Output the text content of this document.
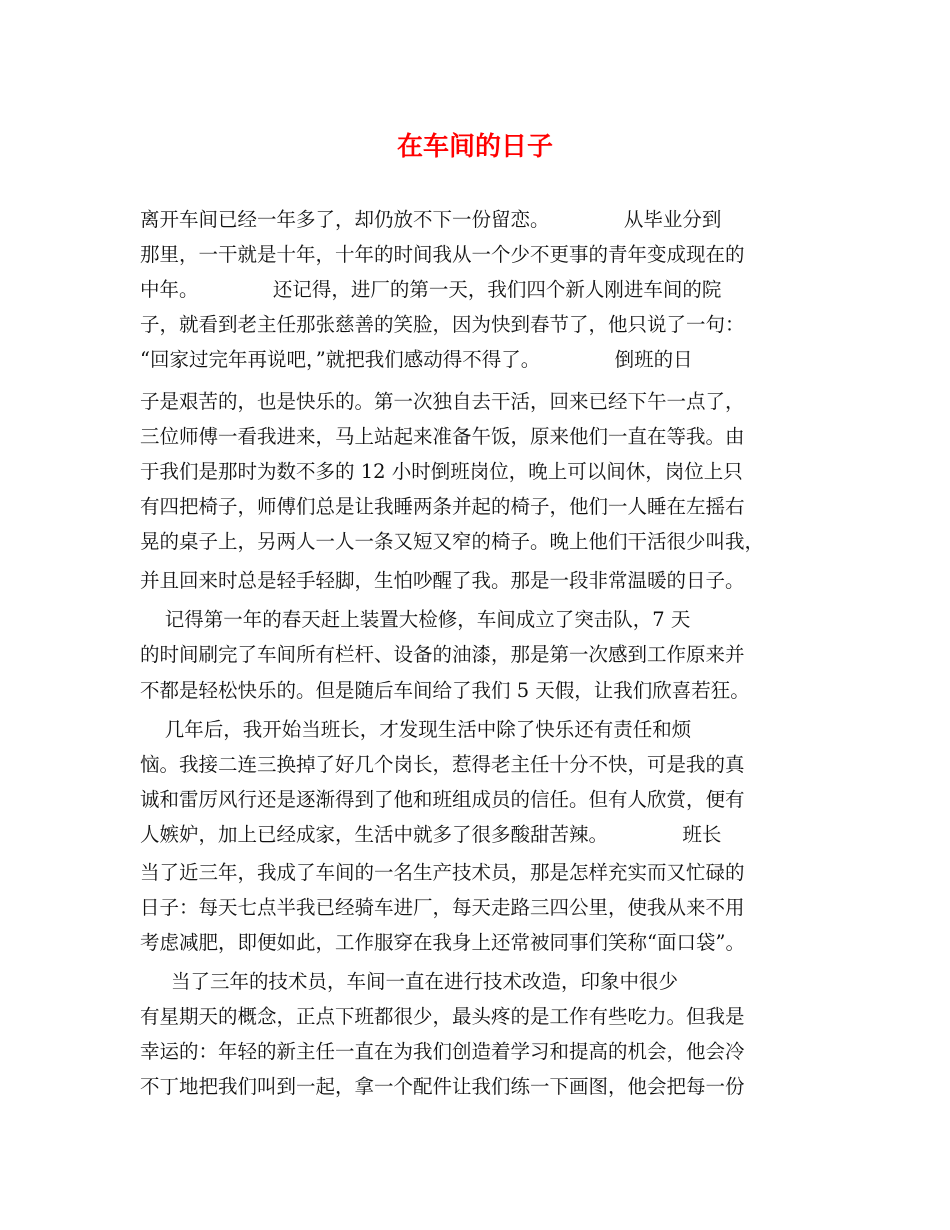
在车间的日子
离开车间已经一年多了，却仍放不下一份留恋。            从毕业分到
那里，一干就是十年，十年的时间我从一个少不更事的青年变成现在的
中年。            还记得，进厂的第一天，我们四个新人刚进车间的院
子，就看到老主任那张慈善的笑脸，因为快到春节了，他只说了一句：
“回家过完年再说吧，”就把我们感动得不得了。            倒班的日
子是艰苦的，也是快乐的。第一次独自去干活，回来已经下午一点了，
三位师傅一看我进来，马上站起来准备午饭，原来他们一直在等我。由
于我们是那时为数不多的 12 小时倒班岗位，晚上可以间休，岗位上只
有四把椅子，师傅们总是让我睡两条并起的椅子，他们一人睡在左摇右
晃的桌子上，另两人一人一条又短又窄的椅子。晚上他们干活很少叫我，
并且回来时总是轻手轻脚，生怕吵醒了我。那是一段非常温暖的日子。
记得第一年的春天赶上装置大检修，车间成立了突击队，7 天
的时间刷完了车间所有栏杆、设备的油漆，那是第一次感到工作原来并
不都是轻松快乐的。但是随后车间给了我们 5 天假，让我们欣喜若狂。
几年后，我开始当班长，才发现生活中除了快乐还有责任和烦
恼。我接二连三换掉了好几个岗长，惹得老主任十分不快，可是我的真
诚和雷厉风行还是逐渐得到了他和班组成员的信任。但有人欣赏，便有
人嫉妒，加上已经成家，生活中就多了很多酸甜苦辣。            班长
当了近三年，我成了车间的一名生产技术员，那是怎样充实而又忙碌的
日子：每天七点半我已经骑车进厂，每天走路三四公里，使我从来不用
考虑减肥，即便如此，工作服穿在我身上还常被同事们笑称“面口袋”。
当了三年的技术员，车间一直在进行技术改造，印象中很少
有星期天的概念，正点下班都很少，最头疼的是工作有些吃力。但我是
幸运的：年轻的新主任一直在为我们创造着学习和提高的机会，他会冷
不丁地把我们叫到一起，拿一个配件让我们练一下画图，他会把每一份
